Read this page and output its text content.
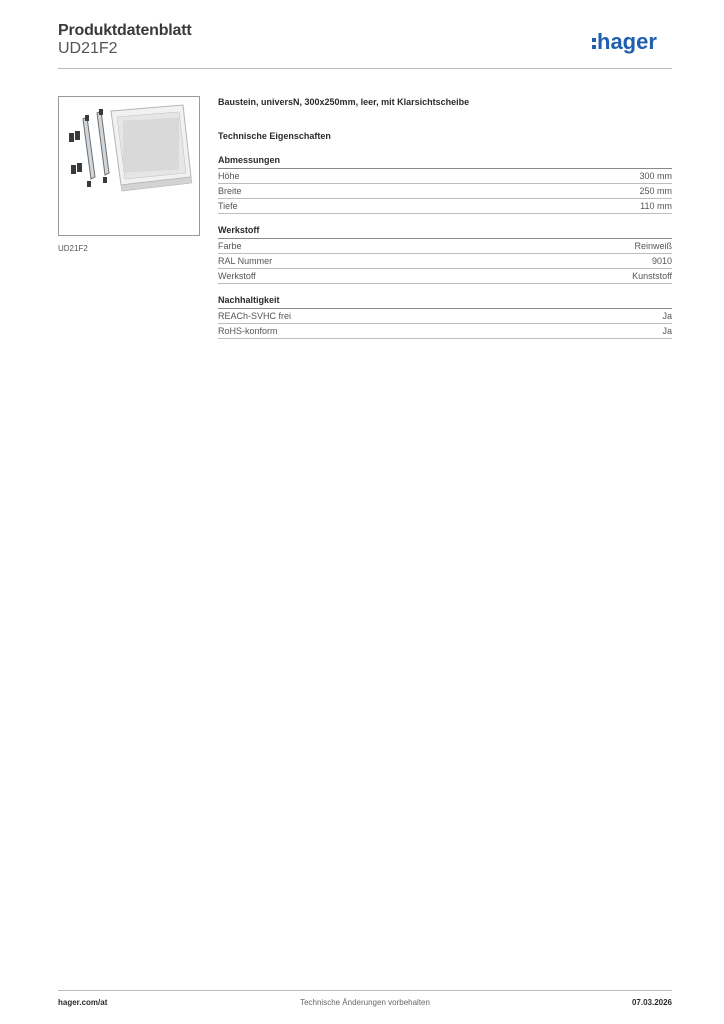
Produktdatenblatt
UD21F2	hager
UD21F2

Baustein, universN, 300x250mm, leer, mit Klarsichtscheibe

Technische Eigenschaften

Abmessungen
Höhe	300 mm
Breite	250 mm
Tiefe	110 mm
Werkstoff
Farbe	Reinweiß
RAL Nummer	9010
Werkstoff	Kunststoff
Nachhaltigkeit
REACh-SVHC frei	Ja
RoHS-konform	Ja
Technische Änderungen vorbehalten
hager.com/at	07.03.2026
